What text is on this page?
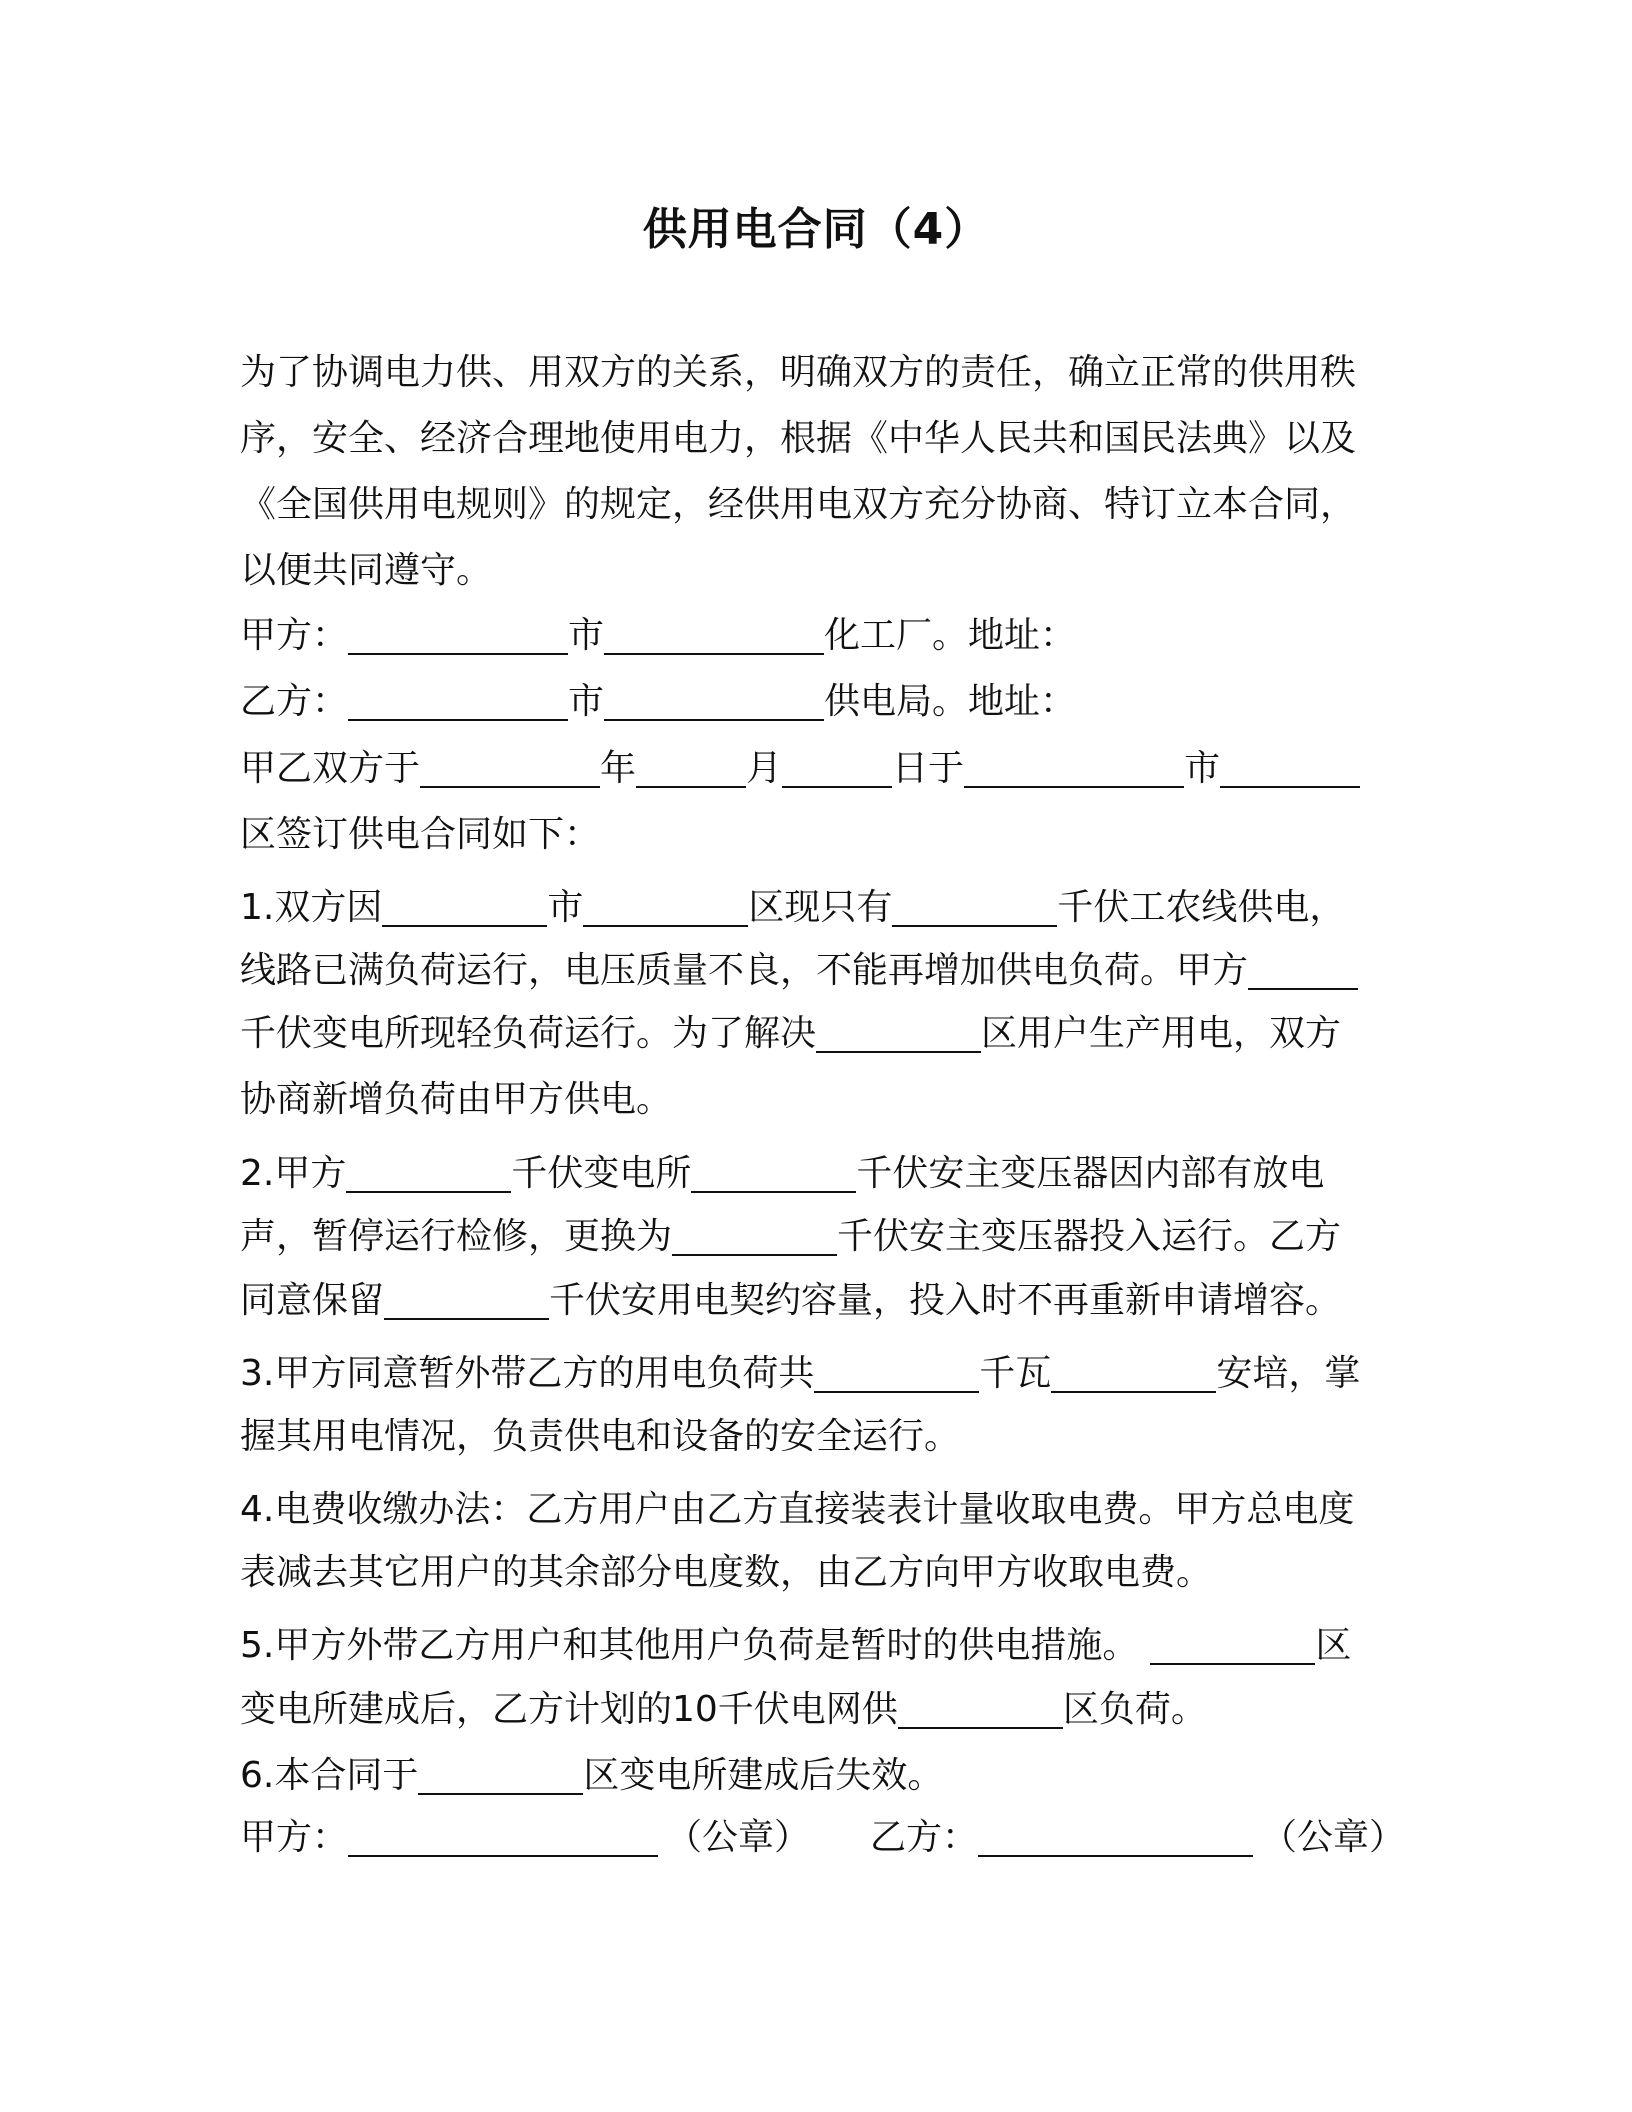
供用电合同（4）

为了协调电力供、用双方的关系，明确双方的责任，确立正常的供用秩序，安全、经济合理地使用电力，根据《中华人民共和国民法典》以及《全国供用电规则》的规定，经供用电双方充分协商、特订立本合同，以便共同遵守。

甲方：	市	化工厂。地址：
乙方：	市	供电局。地址：
甲乙双方于	年	月	日于	市
区签订供电合同如下：
1.双方因	市	区现只有	千伏工农线供电，
线路已满负荷运行，电压质量不良，不能再增加供电负荷。甲方
千伏变电所现轻负荷运行。为了解决	区用户生产用电，双方
协商新增负荷由甲方供电。
2.甲方	千伏变电所	千伏安主变压器因内部有放电
声，暂停运行检修，更换为	千伏安主变压器投入运行。乙方
同意保留	千伏安用电契约容量，投入时不再重新申请增容。
3.甲方同意暂外带乙方的用电负荷共	千瓦	安培，掌
握其用电情况，负责供电和设备的安全运行。
4.电费收缴办法：乙方用户由乙方直接装表计量收取电费。甲方总电度
表减去其它用户的其余部分电度数，由乙方向甲方收取电费。
5.甲方外带乙方用户和其他用户负荷是暂时的供电措施。	区
变电所建成后，乙方计划的10千伏电网供	区负荷。
6.本合同于	区变电所建成后失效。
甲方：	（公章） 乙方：	（公章）
